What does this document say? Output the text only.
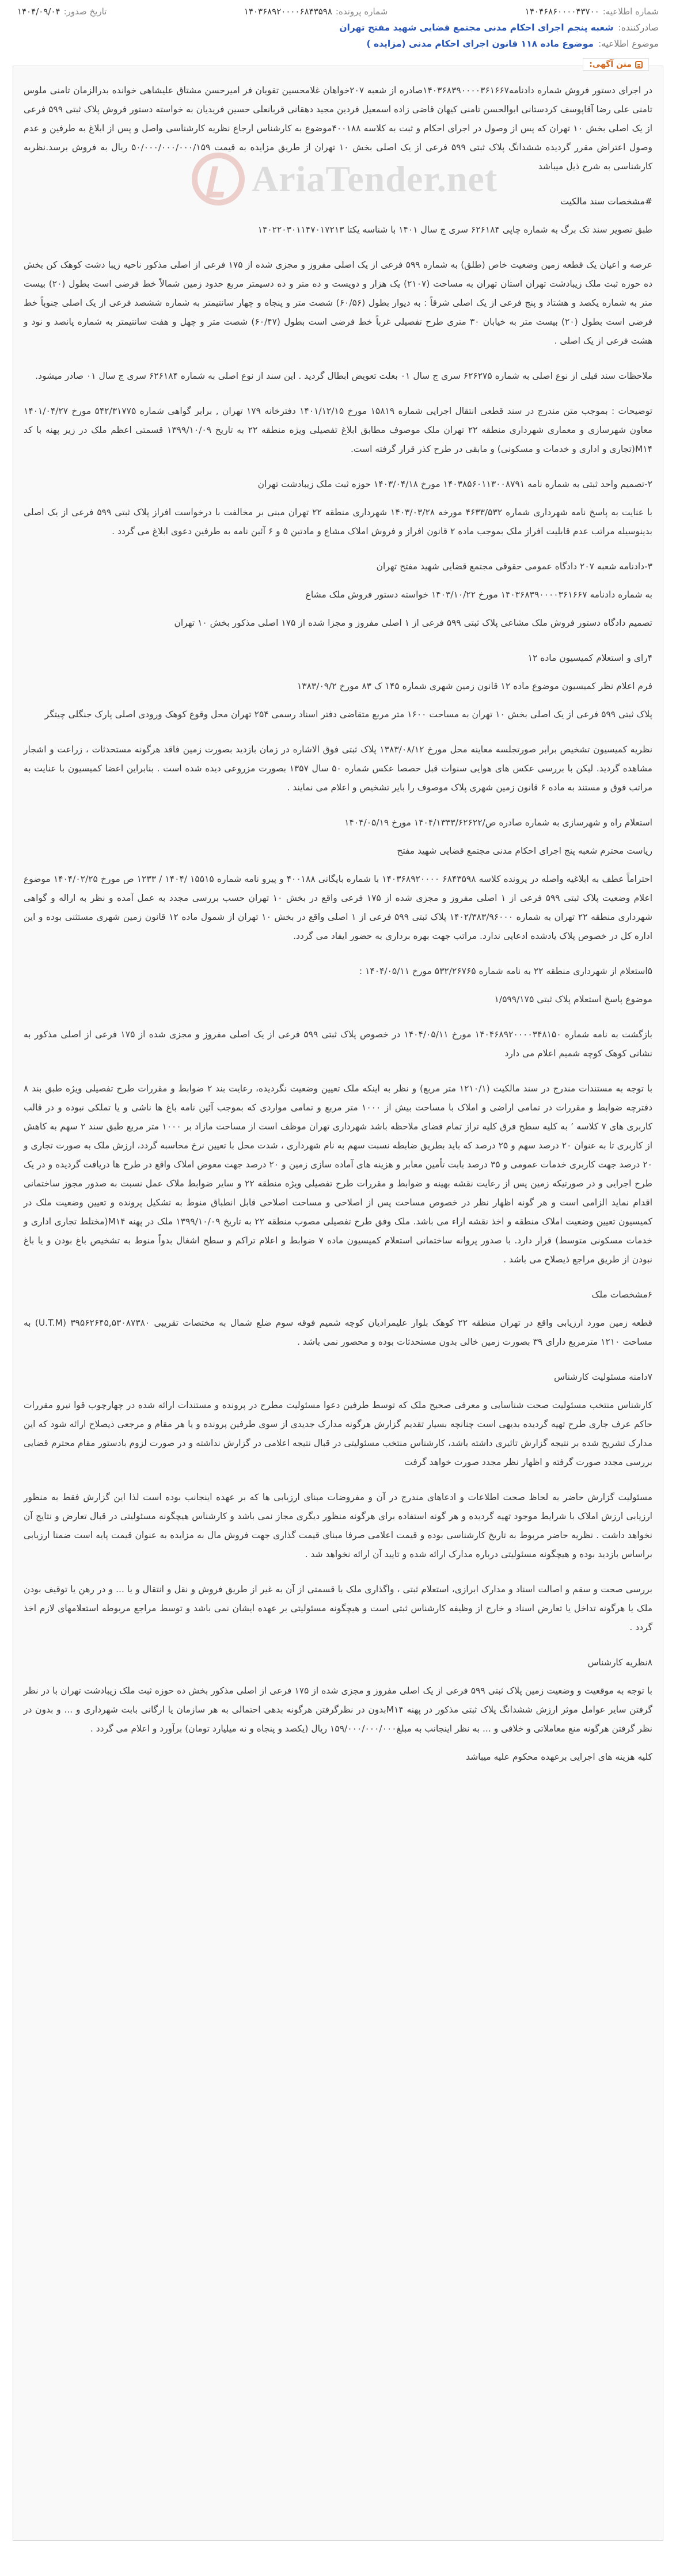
شماره اطلاعیه:
۱۴۰۴۶۸۶۰۰۰۰۴۳۷۰۰
شماره پرونده:
۱۴۰۳۶۸۹۲۰۰۰۰۶۸۴۳۵۹۸
تاریخ صدور:
۱۴۰۴/۰۹/۰۴
صادرکننده:
شعبه پنجم اجرای احکام مدنی مجتمع قضایی شهید مفتح تهران
موضوع اطلاعیه:
موضوع ماده ۱۱۸ قانون اجرای احکام مدنی (مزایده )
متن آگهی:
AriaTender.net

در اجرای دستور فروش شماره دادنامه۱۴۰۳۶۸۳۹۰۰۰۰۳۶۱۶۶۷صادره از شعبه ۲۰۷خواهان غلامحسین تقویان فر امیرحسن مشتاق علیشاهی خوانده بدرالزمان تامنی ملوس تامنی علی رضا آقاپوسف کردستانی ابوالحسن تامنی کیهان قاضی زاده اسمعیل فردین مجید دهقانی قربانعلی حسین فریدیان به خواسته دستور فروش پلاک ثبتی ۵۹۹ فرعی از یک اصلی بخش ۱۰ تهران که پس از وصول در اجرای احکام و ثبت به کلاسه ۴۰۰۱۸۸موضوع به کارشناس ارجاع نظریه کارشناسی واصل و پس از ابلاغ به طرفین و عدم وصول اعتراض مقرر گردیده ششدانگ پلاک ثبتی ۵۹۹ فرعی از یک اصلی بخش ۱۰ تهران از طریق مزایده به قیمت ۵۰/۰۰۰/۰۰۰/۰۰۰/۱۵۹ ریال به فروش برسد.نظریه کارشناسی به شرح ذیل میباشد

#مشخصات سند مالکیت

طبق تصویر سند تک برگ به شماره چاپی ۶۲۶۱۸۴ سری ج سال ۱۴۰۱ با شناسه یکتا ۱۴۰۲۲۰۳۰۱۱۴۷۰۱۷۲۱۳

عرصه و اعیان یک قطعه زمین وضعیت خاص (طلق) به شماره ۵۹۹ فرعی از یک اصلی مفروز و مجزی شده از ۱۷۵ فرعی از اصلی مذکور ناحیه زیبا دشت کوهک کن بخش ده حوزه ثبت ملک زیبادشت تهران استان تهران به مساحت (۲۱۰۷) یک هزار و دویست و ده متر و ده دسیمتر مربع حدود زمین شمالاً خط فرضی است بطول (۲۰) بیست متر به شماره یکصد و هشتاد و پنج فرعی از یک اصلی شرقاً : به دیوار بطول (۶۰/۵۶) شصت متر و پنجاه و چهار سانتیمتر به شماره ششصد فرعی از یک اصلی جنوباً خط فرضی است بطول (۲۰) بیست متر به خیابان ۳۰ متری طرح تفصیلی غرباً خط فرضی است بطول (۶۰/۴۷) شصت متر و چهل و هفت سانتیمتر به شماره پانصد و نود و هشت فرعی از یک اصلی .

ملاحظات سند قبلی از نوع اصلی به شماره ۶۲۶۲۷۵ سری ج سال ۰۱ بعلت تعویض ابطال گردید . این سند از نوع اصلی به شماره ۶۲۶۱۸۴ سری ج سال ۰۱ صادر میشود.

توضیحات : بموجب متن مندرج در سند قطعی انتقال اجرایی شماره ۱۵۸۱۹ مورخ ۱۴۰۱/۱۲/۱۵ دفترخانه ۱۷۹ تهران , برابر گواهی شماره ۵۴۲/۳۱۷۷۵ مورخ ۱۴۰۱/۰۴/۲۷ معاون شهرسازی و معماری شهرداری منطقه ۲۲ تهران ملک موصوف مطابق ابلاغ تفصیلی ویژه منطقه ۲۲ به تاریخ ۱۳۹۹/۱۰/۰۹ قسمتی اعظم ملک در زیر پهنه با کد M۱۴(تجاری و اداری و خدمات و مسکونی) و مابقی در طرح کذر قرار گرفته است.

۲-تصمیم واحد ثبتی به شماره نامه ۱۴۰۳۸۵۶۰۱۱۳۰۰۸۷۹۱ مورخ ۱۴۰۳/۰۴/۱۸ حوزه ثبت ملک زیبادشت تهران

با عنایت به پاسخ نامه شهرداری شماره ۴۶۳۳/۵۳۲ مورخه ۱۴۰۳/۰۳/۲۸ شهرداری منطقه ۲۲ تهران مبنی بر مخالفت با درخواست افراز پلاک ثبتی ۵۹۹ فرعی از یک اصلی بدینوسیله مراتب عدم قابلیت افراز ملک بموجب ماده ۲ قانون افراز و فروش املاک مشاع و مادتین ۵ و ۶ آئین نامه به طرفین دعوی ابلاغ می گردد .

۳-دادنامه شعبه ۲۰۷ دادگاه عمومی حقوقی مجتمع قضایی شهید مفتح تهران

به شماره دادنامه ۱۴۰۳۶۸۳۹۰۰۰۰۳۶۱۶۶۷ مورخ ۱۴۰۳/۱۰/۲۲ خواسته دستور فروش ملک مشاع

تصمیم دادگاه دستور فروش ملک مشاعی پلاک ثبتی ۵۹۹ فرعی از ۱ اصلی مفروز و مجزا شده از ۱۷۵ اصلی مذکور بخش ۱۰ تهران

۴رای و استعلام کمیسیون ماده ۱۲

فرم اعلام نظر کمیسیون موضوع ماده ۱۲ قانون زمین شهری شماره ۱۴۵ ک ۸۳ مورخ ۱۳۸۳/۰۹/۲

پلاک ثبتی ۵۹۹ فرعی از یک اصلی بخش ۱۰ تهران به مساحت ۱۶۰۰ متر مربع متقاضی دفتر اسناد رسمی ۲۵۴ تهران محل وقوع کوهک ورودی اصلی پارک جنگلی چیتگر

نظریه کمیسیون تشخیص برابر صورتجلسه معاینه محل مورخ ۱۳۸۳/۰۸/۱۲ پلاک ثبتی فوق الاشاره در زمان بازدید بصورت زمین فاقد هرگونه مستحدثات ، زراعت و اشجار مشاهده گردید. لیکن با بررسی عکس های هوایی سنوات قبل حصصا عکس شماره ۵۰ سال ۱۳۵۷ بصورت مزروعی دیده شده است . بنابراین اعضا کمیسیون با عنایت به مراتب فوق و مستند به ماده ۶ قانون زمین شهری پلاک موصوف را بایر تشخیص و اعلام می نمایند .

استعلام راه و شهرسازی به شماره صادره ص/۱۴۰۴/۱۳۳۳/۶۲۶۲۲ مورخ ۱۴۰۴/۰۵/۱۹

ریاست محترم شعبه پنج اجرای احکام مدنی مجتمع قضایی شهید مفتح

احتراماً عطف به ابلاغیه واصله در پرونده کلاسه ۶۸۴۳۵۹۸ ۱۴۰۳۶۸۹۲۰۰۰۰ با شماره بایگانی ۴۰۰۱۸۸ و پیرو نامه شماره ۱۵۵۱۵ /۱۴۰۴ / ۱۲۳۳ ص مورخ ۱۴۰۴/۰۲/۲۵ موضوع اعلام وضعیت پلاک ثبتی ۵۹۹ فرعی از ۱ اصلی مفروز و مجزی شده از ۱۷۵ فرعی واقع در بخش ۱۰ تهران حسب بررسی مجدد به عمل آمده و نظر به اراله و گواهی شهرداری منطقه ۲۲ تهران به شماره ۱۴۰۲/۳۸۳/۹۶۰۰۰ پلاک ثبتی ۵۹۹ فرعی از ۱ اصلی واقع در بخش ۱۰ تهران از شمول ماده ۱۲ قانون زمین شهری مستثنی بوده و این اداره کل در خصوص پلاک یادشده ادعایی ندارد. مراتب جهت بهره برداری به حضور ایفاد می گردد.

۵استعلام از شهرداری منطقه ۲۲ به نامه شماره ۵۳۲/۲۶۷۶۵ مورخ ۱۴۰۴/۰۵/۱۱ :

موضوع پاسخ استعلام پلاک ثبتی ۱/۵۹۹/۱۷۵

بازگشت به نامه شماره ۱۴۰۴۶۸۹۲۰۰۰۰۳۴۸۱۵۰ مورخ ۱۴۰۴/۰۵/۱۱ در خصوص پلاک ثبتی ۵۹۹ فرعی از یک اصلی مفروز و مجزی شده از ۱۷۵ فرعی از اصلی مذکور به نشانی کوهک کوچه شمیم اعلام می دارد

با توجه به مستندات مندرج در سند مالکیت (۱۲۱۰/۱ متر مربع) و نظر به اینکه ملک تعیین وضعیت نگردیده، رعایت بند ۲ ضوابط و مقررات طرح تفصیلی ویژه طبق بند ۸ دفترچه ضوابط و مقررات در تمامی اراضی و املاک با مساحت بیش از ۱۰۰۰ متر مربع و تمامی مواردی که بموجب آئین نامه باغ ها ناشی و یا تملکی نبوده و در قالب کاربری های ۷ کلاسه ٬ به کلیه سطح فرق کلیه تراز تمام فضای ملاحظه باشد شهرداری تهران موظف است از مساحت مازاد بر ۱۰۰۰ متر مربع طبق سند ۲ سهم به کاهش از کاربری تا به عنوان ۲۰ درصد سهم و ۲۵ درصد که باید بطریق ضابطه نسبت سهم به نام شهرداری ، شدت محل با تعیین نرخ محاسبه گردد، ارزش ملک به صورت تجاری و ۲۰ درصد جهت کاربری خدمات عمومی و ۳۵ درصد بابت تأمین معابر و هزینه های آماده سازی زمین و ۲۰ درصد جهت معوض املاک واقع در طرح ها دریافت گردیده و در یک طرح اجرایی و در صورتیکه زمین پس از رعایت نقشه بهینه و ضوابط و مقررات طرح تفصیلی ویژه منطقه ۲۲ و سایر ضوابط ملاک عمل نسبت به صدور مجوز ساختمانی اقدام نماید الزامی است و هر گونه اظهار نظر در خصوص مساحت پس از اصلاحی و مساحت اصلاحی قابل انطباق منوط به تشکیل پرونده و تعیین وضعیت ملک در کمیسیون تعیین وضعیت املاک منطقه و اخذ نقشه اراء می باشد. ملک وفق طرح تفصیلی مصوب منطقه ۲۲ به تاریخ ۱۳۹۹/۱۰/۰۹ ملک در پهنه M۱۴(مختلط تجاری اداری و خدمات مسکونی متوسط) قرار دارد. با صدور پروانه ساختمانی استعلام کمیسیون ماده ۷ ضوابط و اعلام تراکم و سطح اشغال بدواً منوط به تشخیص باغ بودن و یا باغ نبودن از طریق مراجع ذیصلاح می باشد .

۶مشخصات ملک

قطعه زمین مورد ارزیابی واقع در تهران منطقه ۲۲ کوهک بلوار علیمرادیان کوچه شمیم فوقه سوم ضلع شمال به مختصات تقریبی ۳۹۵۶۲۶۴۵,۵۳۰۸۷۳۸۰ (U.T.M) به مساحت ۱۲۱۰ مترمربع دارای ۳۹ بصورت زمین خالی بدون مستحدثات بوده و محصور نمی باشد .

۷دامنه مسئولیت کارشناس

کارشناس منتخب مسئولیت صحت شناسایی و معرفی صحیح ملک که توسط طرفین دعوا مسئولیت مطرح در پرونده و مستندات ارائه شده در چهارچوب قوا نیرو مقررات حاکم عرف جاری طرح تهیه گردیده بدیهی است چنانچه بسیار تقدیم گزارش هرگونه مدارک جدیدی از سوی طرفین پرونده و یا هر مقام و مرجعی ذیصلاح ارائه شود که این مدارک تشریح شده بر نتیجه گزارش تاثیری داشته باشد، کارشناس منتخب مسئولیتی در قبال نتیجه اعلامی در گزارش نداشته و در صورت لزوم بادستور مقام محترم قضایی بررسی مجدد صورت گرفته و اظهار نظر مجدد صورت خواهد گرفت

مسئولیت گزارش حاضر به لحاظ صحت اطلاعات و ادعاهای مندرج در آن و مفروضات مبنای ارزیابی ها که بر عهده اینجانب بوده است لذا این گزارش فقط به منظور ارزیابی ارزش املاک با شرایط موجود تهیه گردیده و هر گونه استفاده برای هرگونه منظور دیگری مجاز نمی باشد و کارشناس هیچگونه مسئولیتی در قبال تعارض و نتایج آن نخواهد داشت . نظریه حاضر مربوط به تاریخ کارشناسی بوده و قیمت اعلامی صرفا مبنای قیمت گذاری جهت فروش مال به مزایده به عنوان قیمت پایه است ضمنا ارزیابی براساس بازدید بوده و هیچگونه مسئولیتی درباره مدارک ارائه شده و تایید آن ارائه نخواهد شد .

بررسی صحت و سقم و اصالت اسناد و مدارک ابرازی، استعلام ثبتی ، واگذاری ملک با قسمتی از آن به غیر از طریق فروش و نقل و انتقال و یا ... و در رهن یا توقیف بودن ملک یا هرگونه تداخل یا تعارض اسناد و خارج از وظیفه کارشناس ثبتی است و هیچگونه مسئولیتی بر عهده ایشان نمی باشد و توسط مراجع مربوطه استعلامهای لازم اخذ گردد .

۸نظریه کارشناس

با توجه به موقعیت و وضعیت زمین پلاک ثبتی ۵۹۹ فرعی از یک اصلی مفروز و مجزی شده از ۱۷۵ فرعی از اصلی مذکور بخش ده حوزه ثبت ملک زیبادشت تهران با در نظر گرفتن سایر عوامل موثر ارزش ششدانگ پلاک ثبتی مذکور در پهنه M۱۴بدون در نظرگرفتن هرگونه بدهی احتمالی به هر سازمان یا ارگانی بابت شهرداری و ... و بدون در نظر گرفتن هرگونه منع معاملاتی و خلافی و ... به نظر اینجانب به مبلغ۱۵۹/۰۰۰/۰۰۰/۰۰۰ ریال (یکصد و پنجاه و نه میلیارد تومان) برآورد و اعلام می گردد .

کلیه هزینه های اجرایی برعهده محکوم علیه میباشد
